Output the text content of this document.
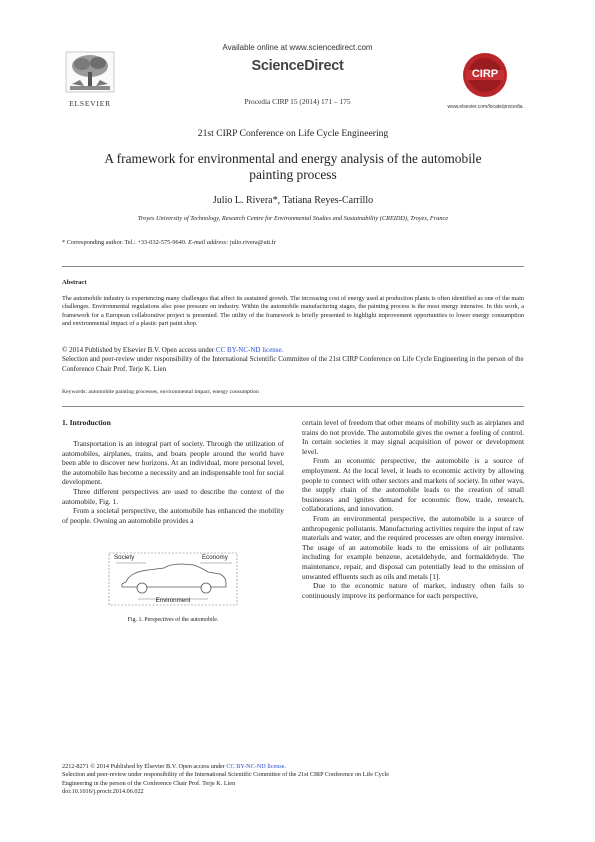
Available online at www.sciencedirect.com
ScienceDirect
Procedia CIRP 15 (2014) 171 – 175
ELSEVIER
CIRP
www.elsevier.com/locate/procedia
21st CIRP Conference on Life Cycle Engineering
A framework for environmental and energy analysis of the automobile
painting process
Julio L. Rivera*, Tatiana Reyes-Carrillo
Troyes University of Technology, Research Centre for Environmental Studies and Sustainability (CREIDD), Troyes, France
* Corresponding author. Tel.: +33-032-575-9640. E-mail address: julio.rivera@utt.fr
Abstract
The automobile industry is experiencing many challenges that affect its sustained growth. The increasing cost of energy used at production plants is often identified as one of the main challenges. Environmental regulations also pose pressure on industry. Within the automobile manufacturing stages, the painting process is the most energy intensive. In this work, a framework for a European collaborative project is presented. The utility of the framework is briefly presented to highlight improvement opportunities to lower energy consumption and environmental impact of a plastic part paint shop.
© 2014 Published by Elsevier B.V. Open access under CC BY-NC-ND license.
Selection and peer-review under responsibility of the International Scientific Committee of the 21st CIRP Conference on Life Cycle Engineering in the person of the Conference Chair Prof. Terje K. Lien
Keywords: automobile painting processes, environmental impact, energy consumption
1. Introduction

Transportation is an integral part of society. Through the utilization of automobiles, airplanes, trains, and boats people around the world have been able to discover new horizons. At an individual, more personal level, the automobile has become a necessity and an indispensable tool for social development.

Three different perspectives are used to describe the context of the automobile, Fig. 1.

From a societal perspective, the automobile has enhanced the mobility of people. Owning an automobile provides a

Society	Economy
Environment
Fig. 1. Perspectives of the automobile.

certain level of freedom that other means of mobility such as airplanes and trains do not provide. The automobile gives the owner a feeling of control. In certain societies it may signal acquisition of power or development level.

From an economic perspective, the automobile is a source of employment. At the local level, it leads to economic activity by allowing people to connect with other sectors and markets of society. In other ways, the supply chain of the automobile leads to the creation of small businesses and ignites demand for economic flow, trade, research, collaborations, and innovation.

From an environmental perspective, the automobile is a source of anthropogenic pollutants. Manufacturing activities require the input of raw materials and water, and the required processes are often energy intensive. The usage of an automobile leads to the emissions of air pollutants including for example benzene, acetaldehyde, and formaldehyde. The maintenance, repair, and disposal can potentially lead to the emission of unwanted effluents such as oils and metals [1].

Due to the economic nature of market, industry often fails to continuously improve its performance for each perspective,

2212-8271 © 2014 Published by Elsevier B.V. Open access under CC BY-NC-ND license.
Selection and peer-review under responsibility of the International Scientific Committee of the 21st CIRP Conference on Life Cycle
Engineering in the person of the Conference Chair Prof. Terje K. Lien
doi:10.1016/j.procir.2014.06.022
